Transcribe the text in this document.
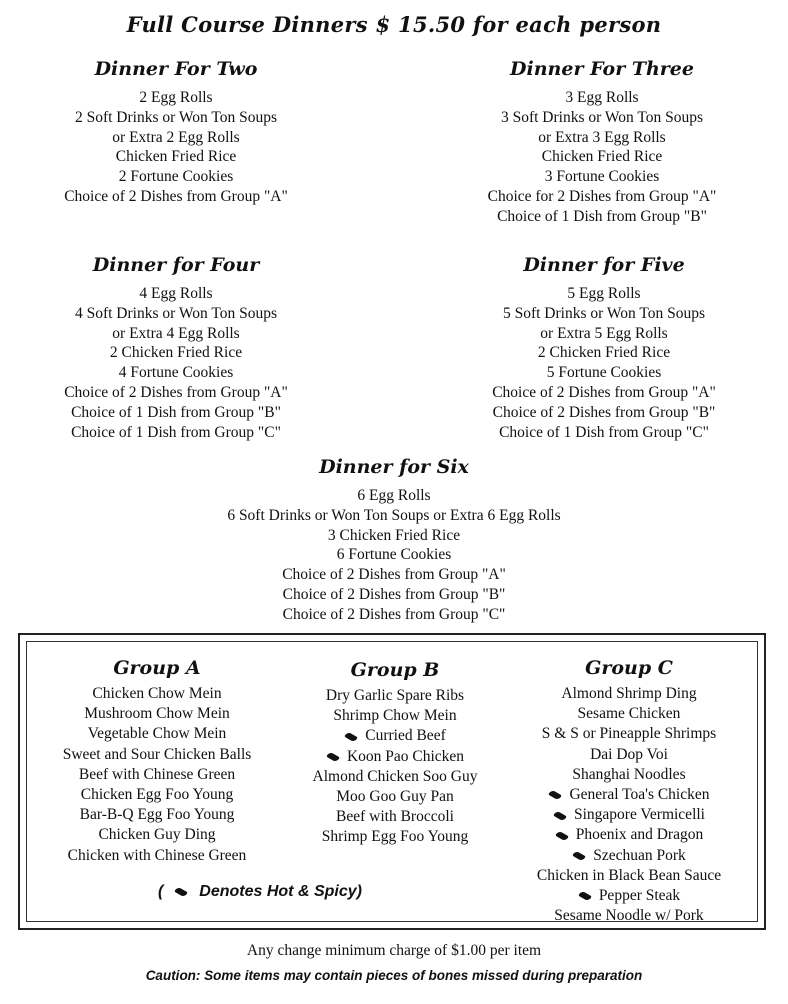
Full Course Dinners $ 15.50 for each person
Dinner For Two
2 Egg Rolls
2 Soft Drinks or Won Ton Soups
or Extra 2 Egg Rolls
Chicken Fried Rice
2 Fortune Cookies
Choice of 2 Dishes from Group "A"
Dinner For Three
3 Egg Rolls
3 Soft Drinks or Won Ton Soups
or Extra 3 Egg Rolls
Chicken Fried Rice
3 Fortune Cookies
Choice for 2 Dishes from Group "A"
Choice of 1 Dish from Group "B"
Dinner for Four
4 Egg Rolls
4 Soft Drinks or Won Ton Soups
or Extra 4 Egg Rolls
2 Chicken Fried Rice
4 Fortune Cookies
Choice of 2 Dishes from Group "A"
Choice of 1 Dish from Group "B"
Choice of 1 Dish from Group "C"
Dinner for Five
5 Egg Rolls
5 Soft Drinks or Won Ton Soups
or Extra 5 Egg Rolls
2 Chicken Fried Rice
5 Fortune Cookies
Choice of 2 Dishes from Group "A"
Choice of 2 Dishes from Group "B"
Choice of 1 Dish from Group "C"
Dinner for Six
6 Egg Rolls
6 Soft Drinks or Won Ton Soups or Extra 6 Egg Rolls
3 Chicken Fried Rice
6 Fortune Cookies
Choice of 2 Dishes from Group "A"
Choice of 2 Dishes from Group "B"
Choice of 2 Dishes from Group "C"
Group A
Chicken Chow Mein
Mushroom Chow Mein
Vegetable Chow Mein
Sweet and Sour Chicken Balls
Beef with Chinese Green
Chicken Egg Foo Young
Bar-B-Q Egg Foo Young
Chicken Guy Ding
Chicken with Chinese Green
Group B
Dry Garlic Spare Ribs
Shrimp Chow Mein
Curried Beef
Koon Pao Chicken
Almond Chicken Soo Guy
Moo Goo Guy Pan
Beef with Broccoli
Shrimp Egg Foo Young
Group C
Almond Shrimp Ding
Sesame Chicken
S & S or Pineapple Shrimps
Dai Dop Voi
Shanghai Noodles
General Toa's Chicken
Singapore Vermicelli
Phoenix and Dragon
Szechuan Pork
Chicken in Black Bean Sauce
Pepper Steak
Sesame Noodle w/ Pork
( Denotes Hot & Spicy)
Any change minimum charge of $1.00 per item
Caution: Some items may contain pieces of bones missed during preparation
